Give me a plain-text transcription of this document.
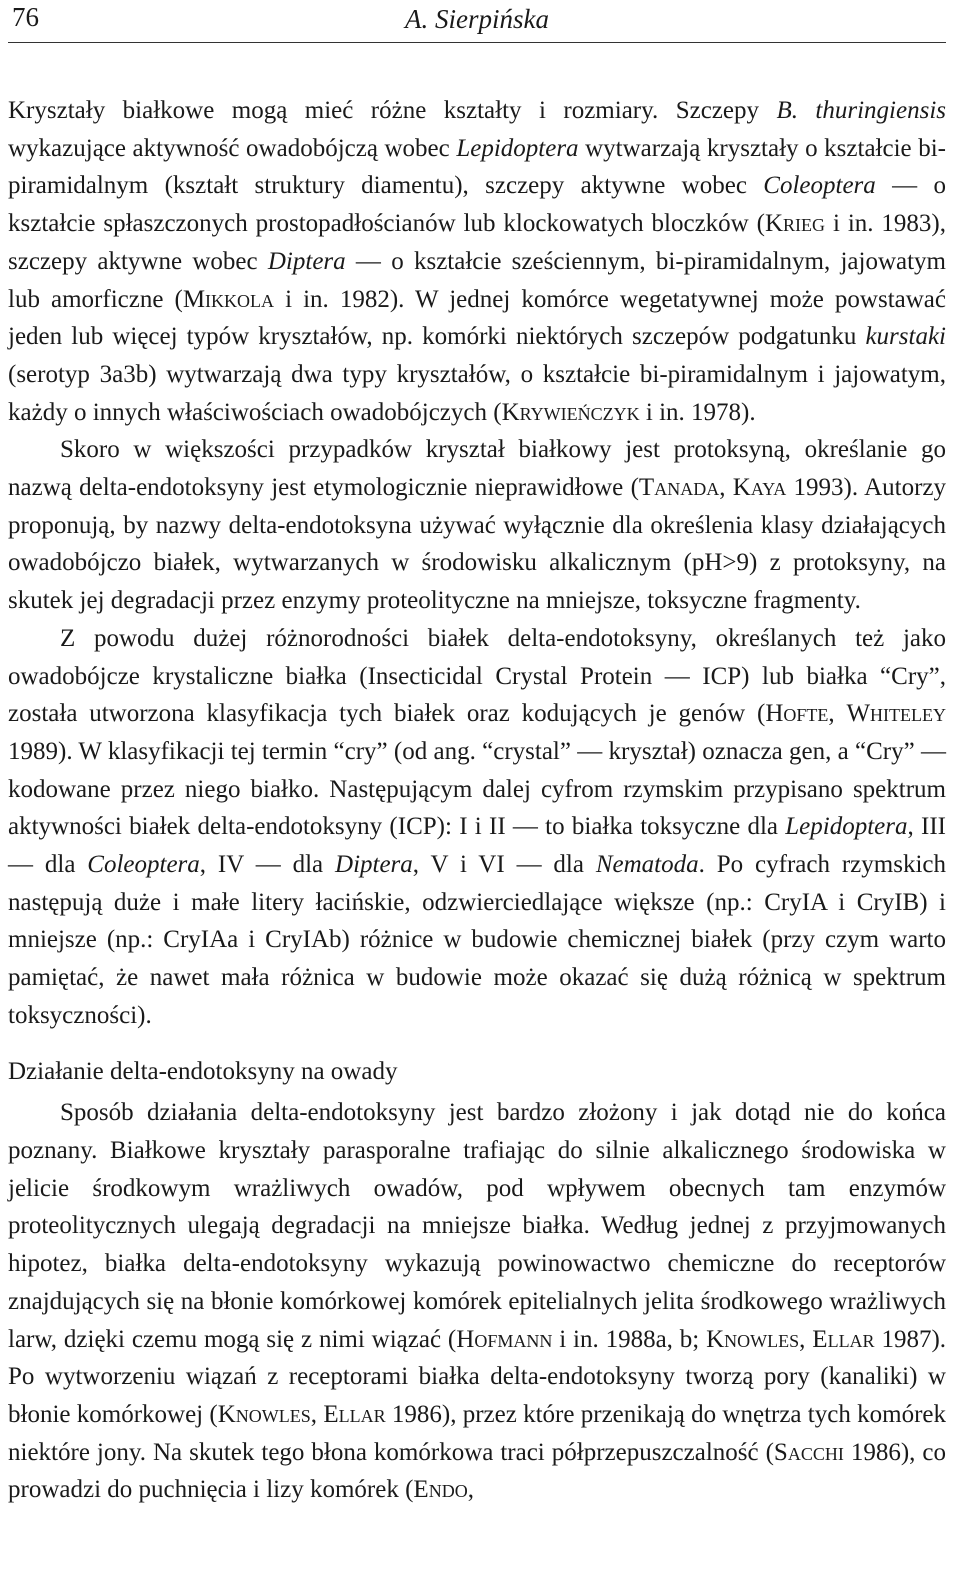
76	A. Sierpińska

Kryształy białkowe mogą mieć różne kształty i rozmiary. Szczepy B. thuringiensis wykazujące aktywność owadobójczą wobec Lepidoptera wytwarzają kryształy o kształcie bi-piramidalnym (kształt struktury diamentu), szczepy aktywne wobec Coleoptera — o kształcie spłaszczonych prostopadłościanów lub klockowatych bloczków (Krieg i in. 1983), szczepy aktywne wobec Diptera — o kształcie sześciennym, bi-piramidalnym, jajowatym lub amorficzne (Mikkola i in. 1982). W jednej komórce wegetatywnej może powstawać jeden lub więcej typów kryształów, np. komórki niektórych szczepów podgatunku kurstaki (serotyp 3a3b) wytwarzają dwa typy kryształów, o kształcie bi-piramidalnym i jajowatym, każdy o innych właściwościach owadobójczych (Krywieńczyk i in. 1978).

Skoro w większości przypadków kryształ białkowy jest protoksyną, określanie go nazwą delta-endotoksyny jest etymologicznie nieprawidłowe (Tanada, Kaya 1993). Autorzy proponują, by nazwy delta-endotoksyna używać wyłącznie dla określenia klasy działających owadobójczo białek, wytwarzanych w środowisku alkalicznym (pH>9) z protoksyny, na skutek jej degradacji przez enzymy proteolityczne na mniejsze, toksyczne fragmenty.

Z powodu dużej różnorodności białek delta-endotoksyny, określanych też jako owadobójcze krystaliczne białka (Insecticidal Crystal Protein — ICP) lub białka “Cry”, została utworzona klasyfikacja tych białek oraz kodujących je genów (Hofte, Whiteley 1989). W klasyfikacji tej termin “cry” (od ang. “crystal” — kryształ) oznacza gen, a “Cry” — kodowane przez niego białko. Następującym dalej cyfrom rzymskim przypisano spektrum aktywności białek delta-endotoksyny (ICP): I i II — to białka toksyczne dla Lepidoptera, III — dla Coleoptera, IV — dla Diptera, V i VI — dla Nematoda. Po cyfrach rzymskich następują duże i małe litery łacińskie, odzwierciedlające większe (np.: CryIA i CryIB) i mniejsze (np.: CryIAa i CryIAb) różnice w budowie chemicznej białek (przy czym warto pamiętać, że nawet mała różnica w budowie może okazać się dużą różnicą w spektrum toksyczności).

Działanie delta-endotoksyny na owady

Sposób działania delta-endotoksyny jest bardzo złożony i jak dotąd nie do końca poznany. Białkowe kryształy parasporalne trafiając do silnie alkalicznego środowiska w jelicie środkowym wrażliwych owadów, pod wpływem obecnych tam enzymów proteolitycznych ulegają degradacji na mniejsze białka. Według jednej z przyjmowanych hipotez, białka delta-endotoksyny wykazują powinowactwo chemiczne do receptorów znajdujących się na błonie komórkowej komórek epitelialnych jelita środkowego wrażliwych larw, dzięki czemu mogą się z nimi wiązać (Hofmann i in. 1988a, b; Knowles, Ellar 1987). Po wytworzeniu wiązań z receptorami białka delta-endotoksyny tworzą pory (kanaliki) w błonie komórkowej (Knowles, Ellar 1986), przez które przenikają do wnętrza tych komórek niektóre jony. Na skutek tego błona komórkowa traci półprzepuszczalność (Sacchi 1986), co prowadzi do puchnięcia i lizy komórek (Endo,
